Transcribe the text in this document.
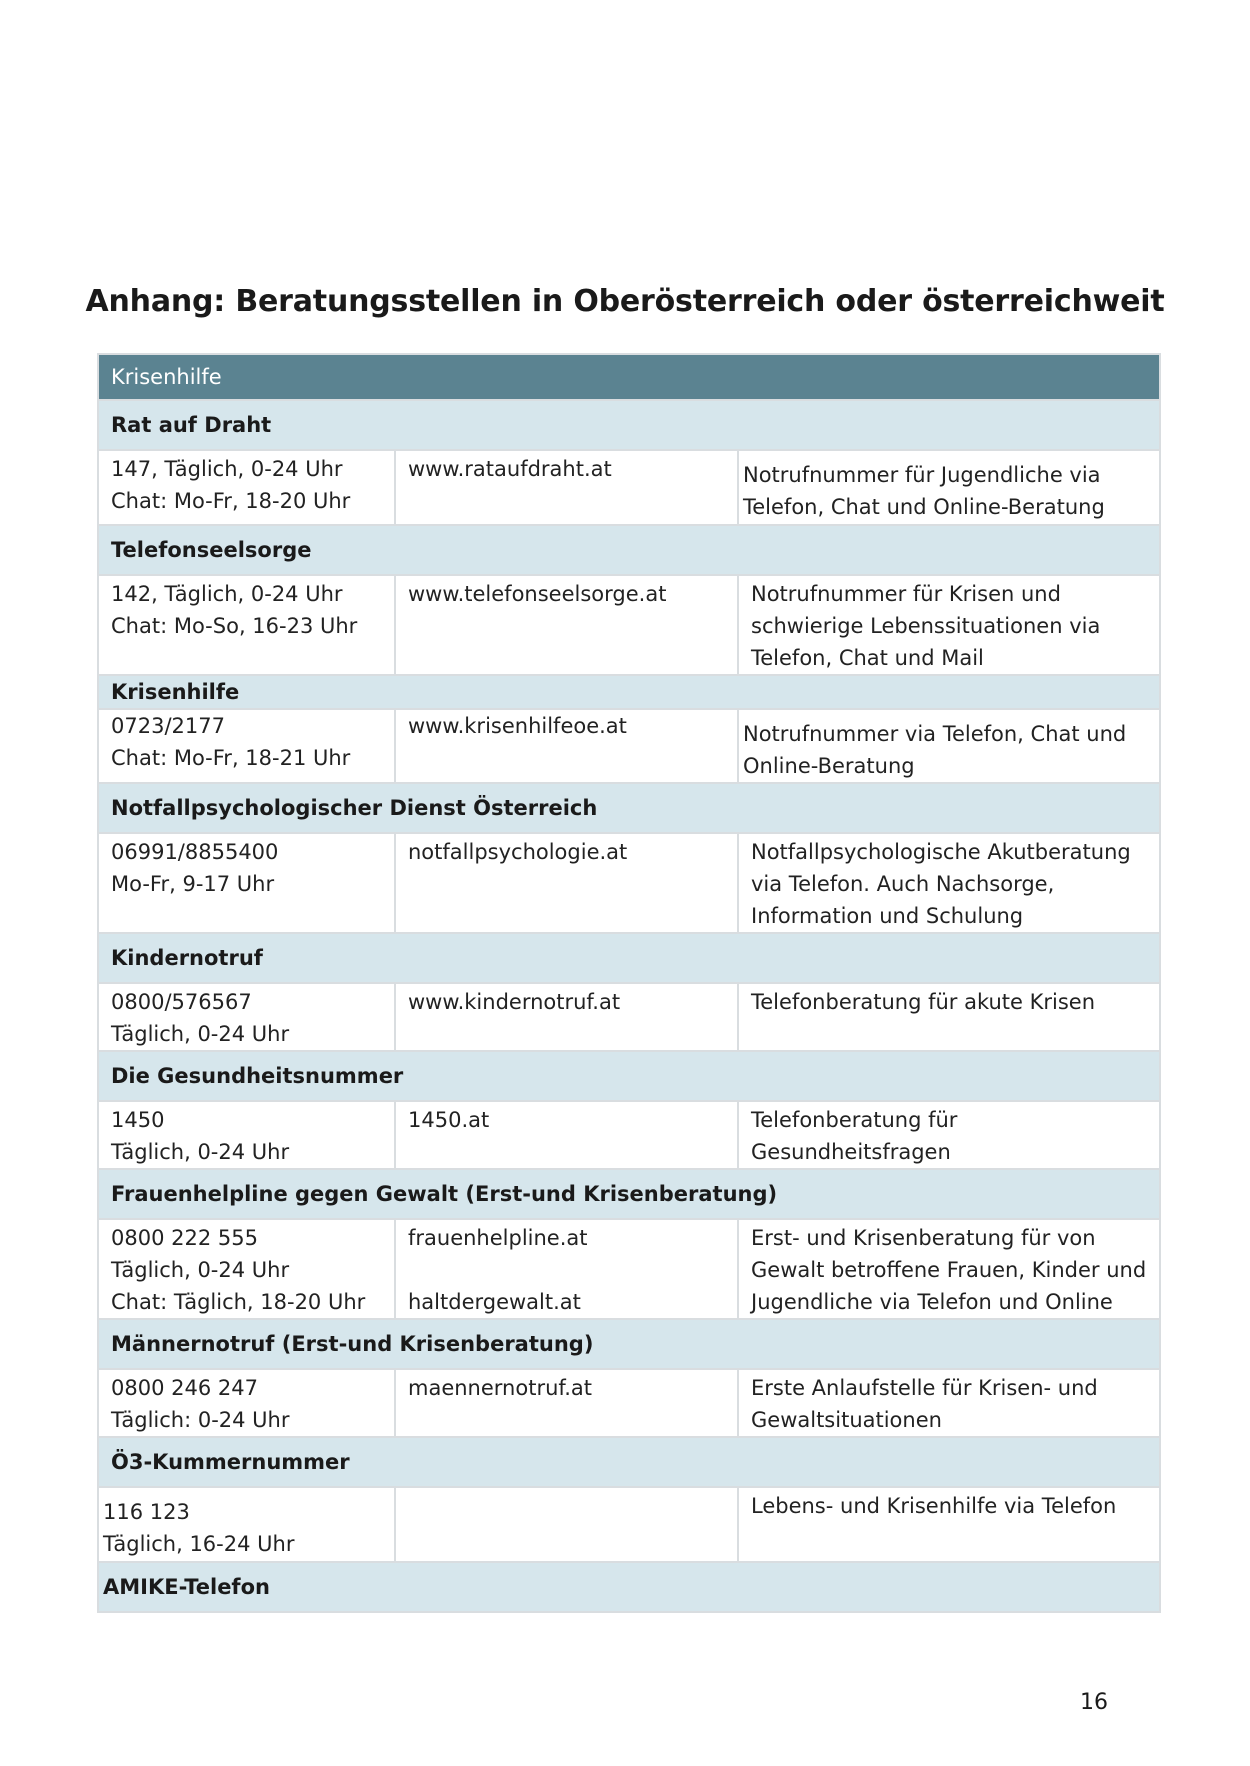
Anhang: Beratungsstellen in Oberösterreich oder österreichweit
Krisenhilfe		
Rat auf Draht		

147, Täglich, 0-24 Uhr
Chat: Mo-Fr, 18-20 Uhr	www.rataufdraht.at	Notrufnummer für Jugendliche via
Telefon, Chat und Online-Beratung

Telefonseelsorge		

142, Täglich, 0-24 Uhr
Chat: Mo-So, 16-23 Uhr	www.telefonseelsorge.at	Notrufnummer für Krisen und
schwierige Lebenssituationen via
Telefon, Chat und Mail

Krisenhilfe		

0723/2177
Chat: Mo-Fr, 18-21 Uhr	www.krisenhilfeoe.at	Notrufnummer via Telefon, Chat und
Online-Beratung

Notfallpsychologischer Dienst Österreich		

06991/8855400
Mo-Fr, 9-17 Uhr	notfallpsychologie.at	Notfallpsychologische Akutberatung
via Telefon. Auch Nachsorge,
Information und Schulung

Kindernotruf		

0800/576567
Täglich, 0-24 Uhr	www.kindernotruf.at	Telefonberatung für akute Krisen

Die Gesundheitsnummer		

1450
Täglich, 0-24 Uhr	1450.at	Telefonberatung für
Gesundheitsfragen

Frauenhelpline gegen Gewalt (Erst-und Krisenberatung)		

0800 222 555
Täglich, 0-24 Uhr
Chat: Täglich, 18-20 Uhr	frauenhelpline.at
haltdergewalt.at	Erst- und Krisenberatung für von
Gewalt betroffene Frauen, Kinder und
Jugendliche via Telefon und Online

Männernotruf (Erst-und Krisenberatung)		

0800 246 247
Täglich: 0-24 Uhr	maennernotruf.at	Erste Anlaufstelle für Krisen- und
Gewaltsituationen

Ö3-Kummernummer		

116 123
Täglich, 16-24 Uhr		Lebens- und Krisenhilfe via Telefon

AMIKE-Telefon		
16
